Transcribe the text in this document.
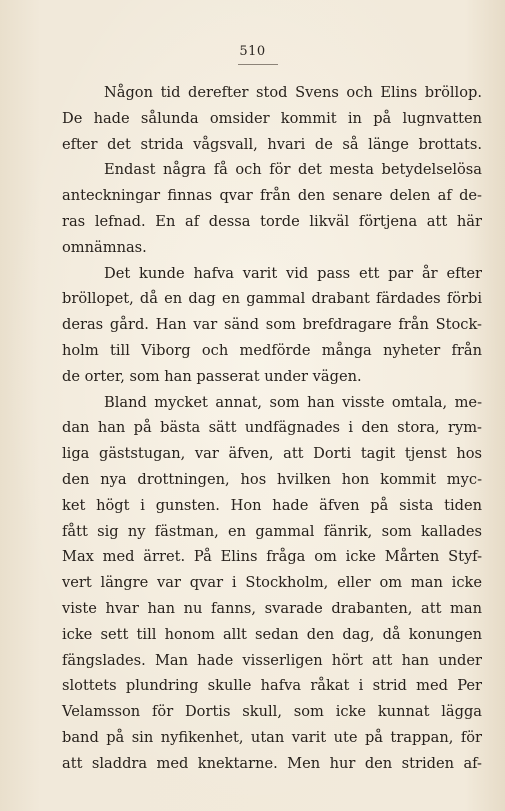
510
Någon tid derefter stod Svens och Elins bröllop.
De hade sålunda omsider kommit in på lugnvatten
efter det strida vågsvall, hvari de så länge brottats.
Endast några få och för det mesta betydelselösa
anteckningar finnas qvar från den senare delen af de-
ras lefnad. En af dessa torde likväl förtjena att här
omnämnas.
Det kunde hafva varit vid pass ett par år efter
bröllopet, då en dag en gammal drabant färdades förbi
deras gård. Han var sänd som brefdragare från Stock-
holm till Viborg och medförde många nyheter från
de orter, som han passerat under vägen.
Bland mycket annat, som han visste omtala, me-
dan han på bästa sätt undfägnades i den stora, rym-
liga gäststugan, var äfven, att Dorti tagit tjenst hos
den nya drottningen, hos hvilken hon kommit myc-
ket högt i gunsten. Hon hade äfven på sista tiden
fått sig ny fästman, en gammal fänrik, som kallades
Max med ärret. På Elins fråga om icke Mårten Styf-
vert längre var qvar i Stockholm, eller om man icke
viste hvar han nu fanns, svarade drabanten, att man
icke sett till honom allt sedan den dag, då konungen
fängslades. Man hade visserligen hört att han under
slottets plundring skulle hafva råkat i strid med Per
Velamsson för Dortis skull, som icke kunnat lägga
band på sin nyfikenhet, utan varit ute på trappan, för
att sladdra med knektarne. Men hur den striden af-
